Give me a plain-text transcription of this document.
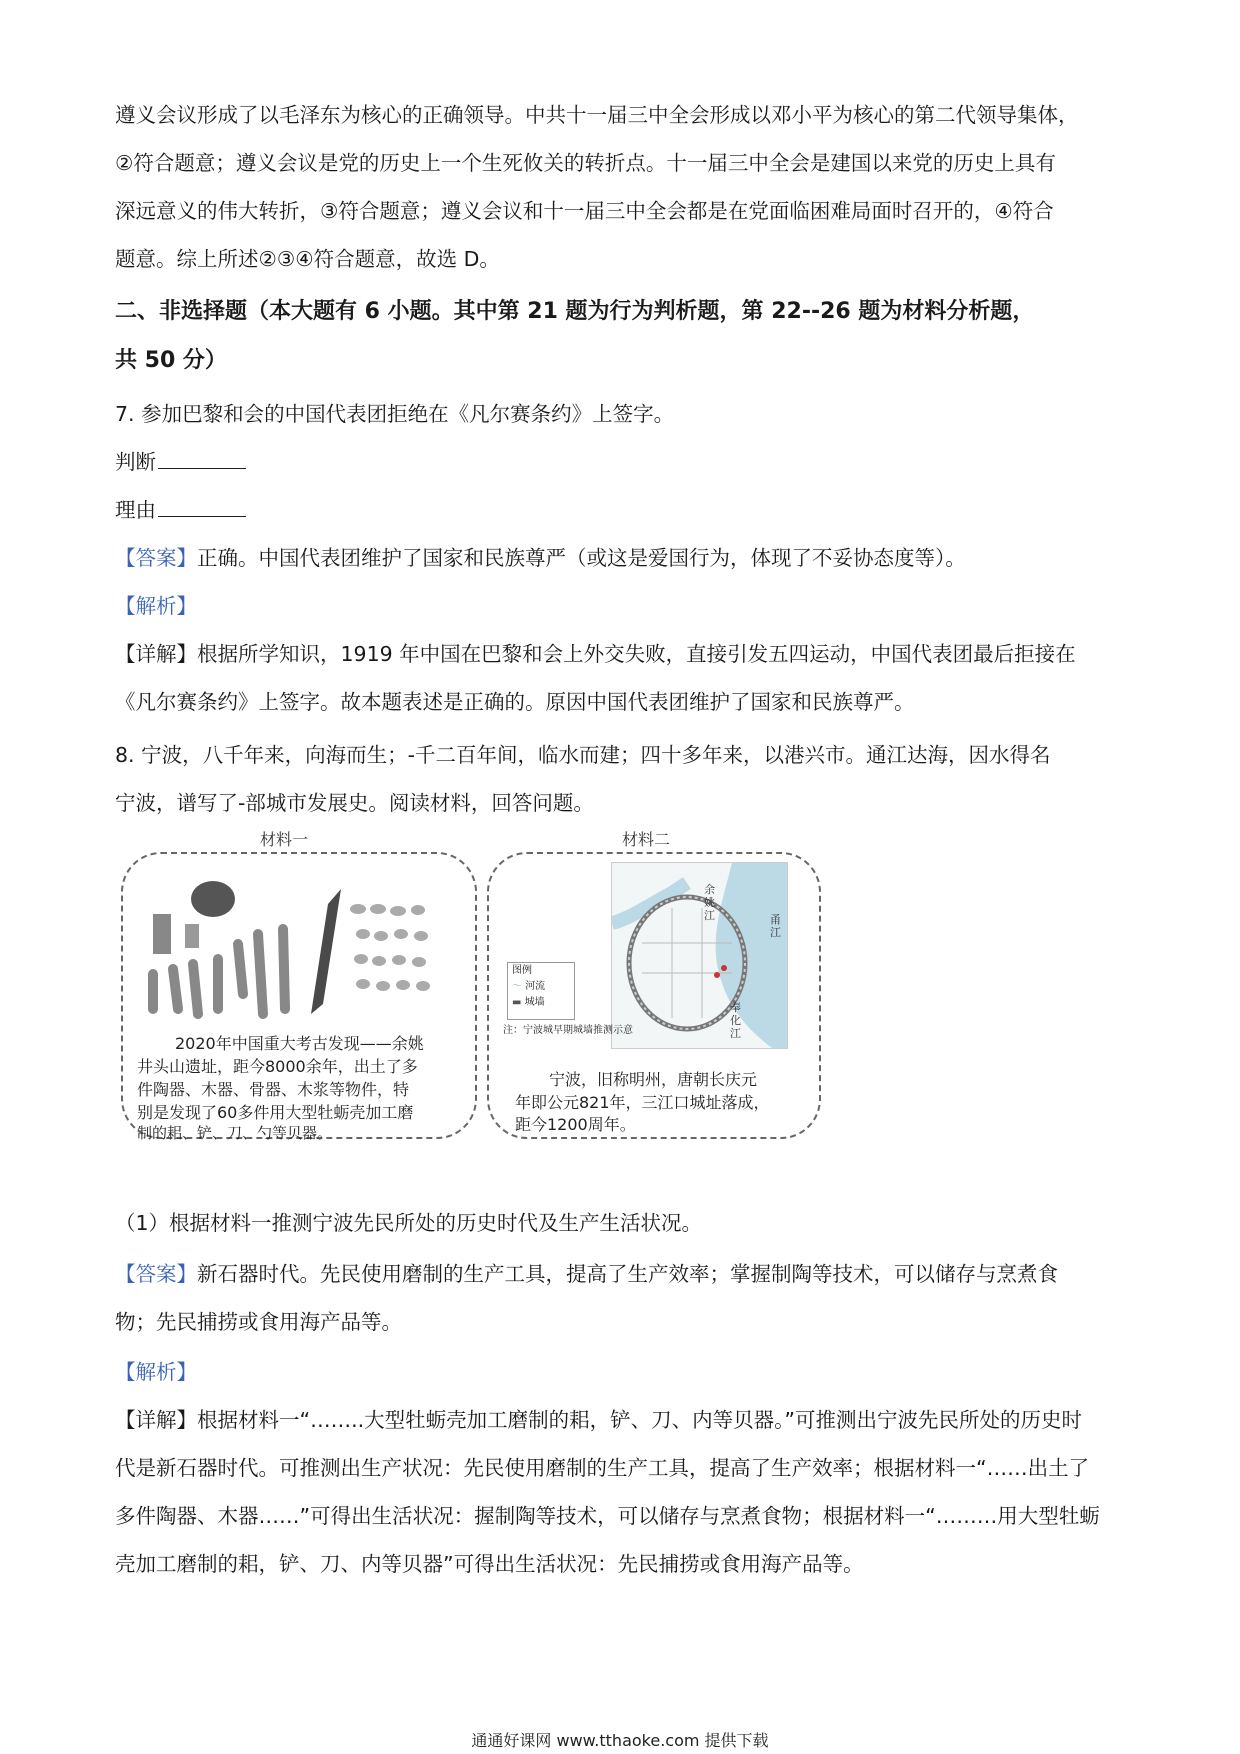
遵义会议形成了以毛泽东为核心的正确领导。中共十一届三中全会形成以邓小平为核心的第二代领导集体，
②符合题意；遵义会议是党的历史上一个生死攸关的转折点。十一届三中全会是建国以来党的历史上具有
深远意义的伟大转折，③符合题意；遵义会议和十一届三中全会都是在党面临困难局面时召开的，④符合
题意。综上所述②③④符合题意，故选 D。
二、非选择题（本大题有 6 小题。其中第 21 题为行为判析题，第 22--26 题为材料分析题，
共 50 分）
7. 参加巴黎和会的中国代表团拒绝在《凡尔赛条约》上签字。
判断
理由
【答案】正确。中国代表团维护了国家和民族尊严（或这是爱国行为，体现了不妥协态度等）。
【解析】
【详解】根据所学知识，1919 年中国在巴黎和会上外交失败，直接引发五四运动，中国代表团最后拒接在
《凡尔赛条约》上签字。故本题表述是正确的。原因中国代表团维护了国家和民族尊严。
8. 宁波，八千年来，向海而生；-千二百年间，临水而建；四十多年来，以港兴市。通江达海，因水得名
宁波，谱写了-部城市发展史。阅读材料，回答问题。
材料一
2020年中国重大考古发现——余姚
井头山遗址，距今8000余年，出土了多
件陶器、木器、骨器、木浆等物件，特
别是发现了60多件用大型牡蛎壳加工磨
制的耜、铲、刀、勺等贝器。
材料二
余姚江	甬江
奉化江
图例
～ 河流
▬ 城墙
注：宁波城早期城墙推测示意
宁波，旧称明州，唐朝长庆元
年即公元821年，三江口城址落成，
距今1200周年。
（1）根据材料一推测宁波先民所处的历史时代及生产生活状况。
【答案】新石器时代。先民使用磨制的生产工具，提高了生产效率；掌握制陶等技术，可以储存与烹煮食
物；先民捕捞或食用海产品等。
【解析】
【详解】根据材料一“……..大型牡蛎壳加工磨制的耜，铲、刀、内等贝器。”可推测出宁波先民所处的历史时
代是新石器时代。可推测出生产状况：先民使用磨制的生产工具，提高了生产效率；根据材料一“……出土了
多件陶器、木器……”可得出生活状况：握制陶等技术，可以储存与烹煮食物；根据材料一“………用大型牡蛎
壳加工磨制的耜，铲、刀、内等贝器”可得出生活状况：先民捕捞或食用海产品等。
通通好课网 www.tthaoke.com 提供下载
